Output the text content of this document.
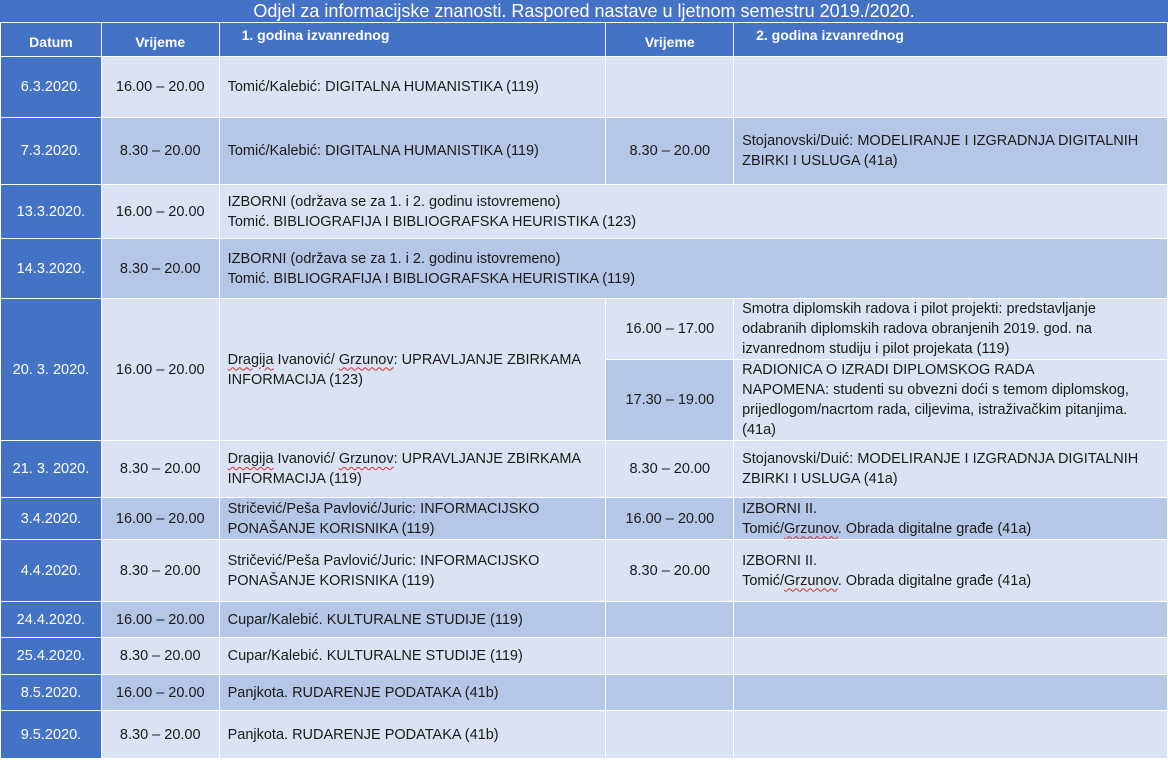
Odjel za informacijske znanosti. Raspored nastave u ljetnom semestru 2019./2020.
Datum	Vrijeme	1. godina izvanrednog	Vrijeme	2. godina izvanrednog
6.3.2020.	16.00 – 20.00	Tomić/Kalebić: DIGITALNA HUMANISTIKA (119)		

7.3.2020.	8.30 – 20.00	Tomić/Kalebić: DIGITALNA HUMANISTIKA (119)	8.30 – 20.00	Stojanovski/Duić: MODELIRANJE I IZGRADNJA DIGITALNIH
ZBIRKI I USLUGA (41a)

13.3.2020.	16.00 – 20.00	IZBORNI (održava se za 1. i 2. godinu istovremeno)
Tomić. BIBLIOGRAFIJA I BIBLIOGRAFSKA HEURISTIKA (123)		

14.3.2020.	8.30 – 20.00	IZBORNI (održava se za 1. i 2. godinu istovremeno)
Tomić. BIBLIOGRAFIJA I BIBLIOGRAFSKA HEURISTIKA (119)		

20. 3. 2020.	16.00 – 20.00	Dragija Ivanović/ Grzunov: UPRAVLJANJE ZBIRKAMA
INFORMACIJA (123)	16.00 – 17.00	Smotra diplomskih radova i pilot projekti: predstavljanje
odabranih diplomskih radova obranjenih 2019. god. na
izvanrednom studiju i pilot projekata (119)

			17.30 – 19.00	RADIONICA O IZRADI DIPLOMSKOG RADA
NAPOMENA: studenti su obvezni doći s temom diplomskog,
prijedlogom/nacrtom rada, ciljevima, istraživačkim pitanjima.
(41a)

21. 3. 2020.	8.30 – 20.00	Dragija Ivanović/ Grzunov: UPRAVLJANJE ZBIRKAMA
INFORMACIJA (119)	8.30 – 20.00	Stojanovski/Duić: MODELIRANJE I IZGRADNJA DIGITALNIH
ZBIRKI I USLUGA (41a)

3.4.2020.	16.00 – 20.00	Stričević/Peša Pavlović/Juric: INFORMACIJSKO
PONAŠANJE KORISNIKA (119)	16.00 – 20.00	IZBORNI II.
Tomić/Grzunov. Obrada digitalne građe (41a)

4.4.2020.	8.30 – 20.00	Stričević/Peša Pavlović/Juric: INFORMACIJSKO
PONAŠANJE KORISNIKA (119)	8.30 – 20.00	IZBORNI II.
Tomić/Grzunov. Obrada digitalne građe (41a)

24.4.2020.	16.00 – 20.00	Cupar/Kalebić. KULTURALNE STUDIJE (119)		

25.4.2020.	8.30 – 20.00	Cupar/Kalebić. KULTURALNE STUDIJE (119)		

8.5.2020.	16.00 – 20.00	Panjkota. RUDARENJE PODATAKA (41b)		

9.5.2020.	8.30 – 20.00	Panjkota. RUDARENJE PODATAKA (41b)		
